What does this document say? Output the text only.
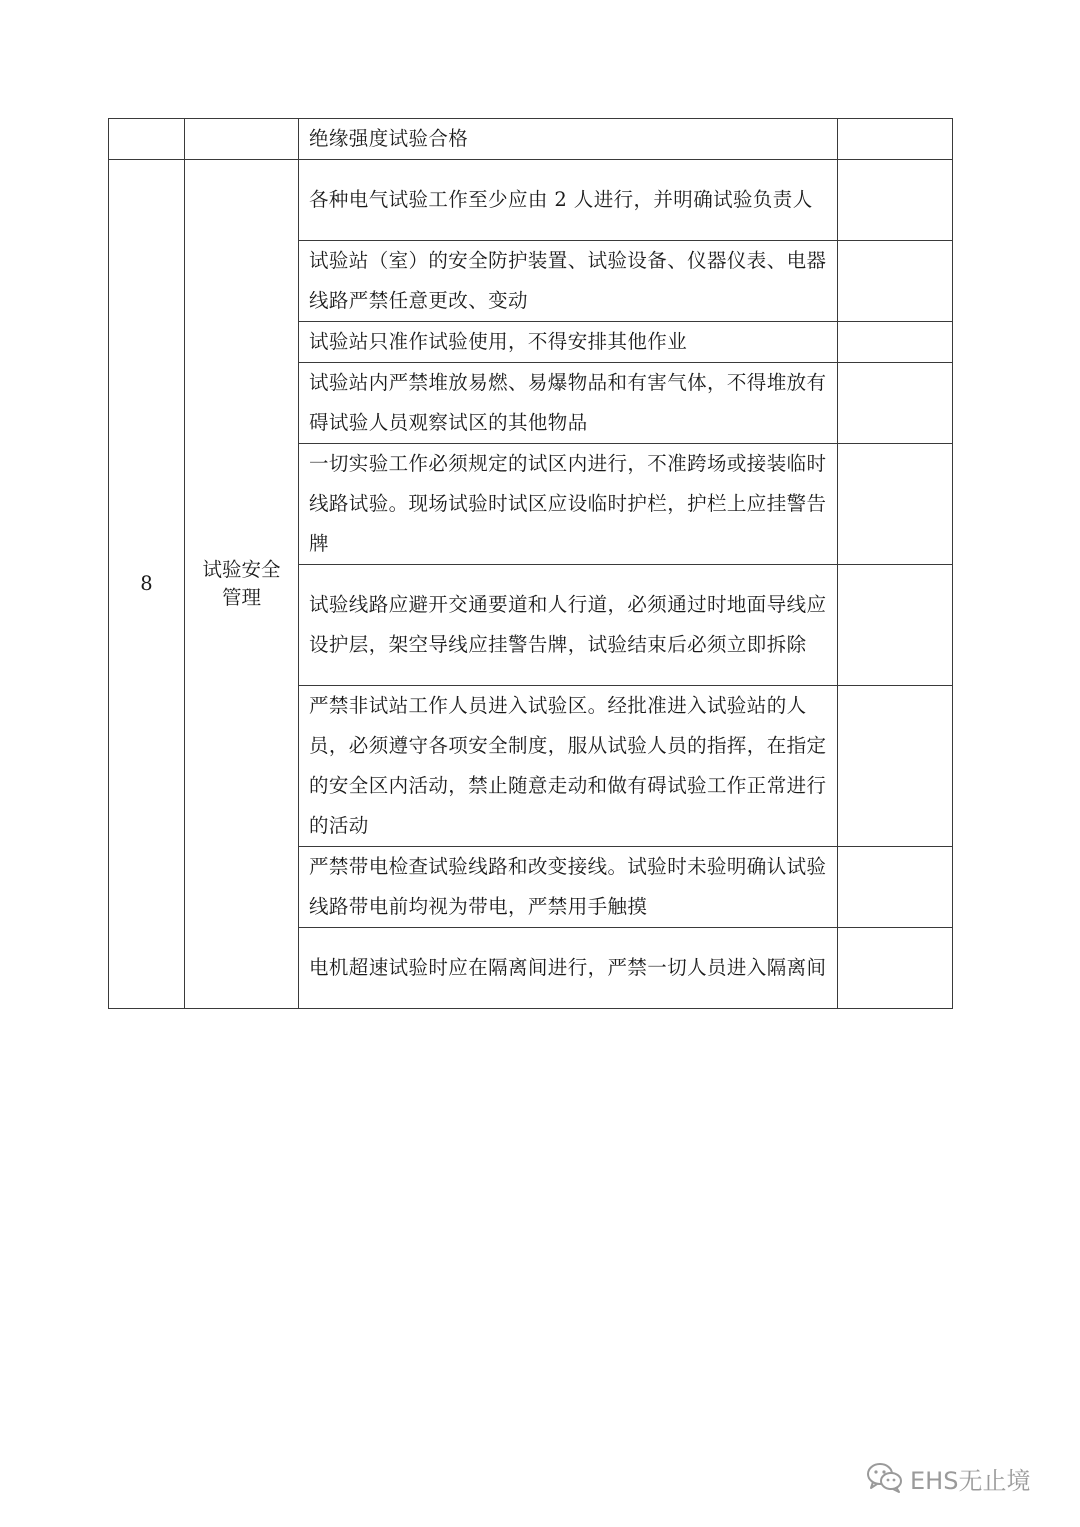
		绝缘强度试验合格	
8	试验安全管理	各种电气试验工作至少应由 2 人进行，并明确试验负责人	
		试验站（室）的安全防护装置、试验设备、仪器仪表、电器线路严禁任意更改、变动	
		试验站只准作试验使用，不得安排其他作业	
		试验站内严禁堆放易燃、易爆物品和有害气体，不得堆放有碍试验人员观察试区的其他物品	
		一切实验工作必须规定的试区内进行，不准跨场或接装临时线路试验。现场试验时试区应设临时护栏，护栏上应挂警告牌	
		试验线路应避开交通要道和人行道，必须通过时地面导线应设护层，架空导线应挂警告牌，试验结束后必须立即拆除	
		严禁非试站工作人员进入试验区。经批准进入试验站的人员，必须遵守各项安全制度，服从试验人员的指挥，在指定的安全区内活动，禁止随意走动和做有碍试验工作正常进行的活动	
		严禁带电检查试验线路和改变接线。试验时未验明确认试验线路带电前均视为带电，严禁用手触摸	
		电机超速试验时应在隔离间进行，严禁一切人员进入隔离间	
EHS无止境
